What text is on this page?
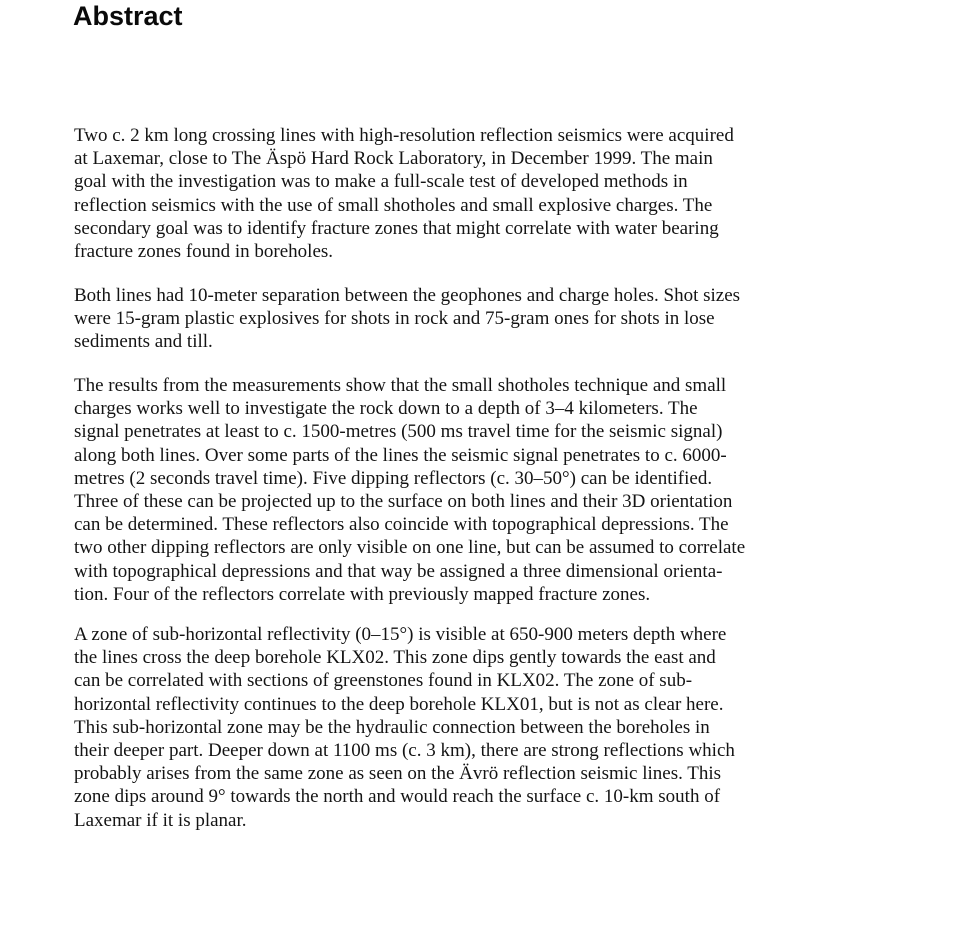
Abstract
Two c. 2 km long crossing lines with high-resolution reflection seismics were acquired
at Laxemar, close to The Äspö Hard Rock Laboratory, in December 1999. The main
goal with the investigation was to make a full-scale test of developed methods in
reflection seismics with the use of small shotholes and small explosive charges. The
secondary goal was to identify fracture zones that might correlate with water bearing
fracture zones found in boreholes.
Both lines had 10-meter separation between the geophones and charge holes. Shot sizes
were 15-gram plastic explosives for shots in rock and 75-gram ones for shots in lose
sediments and till.
The results from the measurements show that the small shotholes technique and small
charges works well to investigate the rock down to a depth of 3–4 kilometers. The
signal penetrates at least to c. 1500-metres (500 ms travel time for the seismic signal)
along both lines. Over some parts of the lines the seismic signal penetrates to c. 6000-
metres (2 seconds travel time). Five dipping reflectors (c. 30–50°) can be identified.
Three of these can be projected up to the surface on both lines and their 3D orientation
can be determined. These reflectors also coincide with topographical depressions. The
two other dipping reflectors are only visible on one line, but can be assumed to correlate
with topographical depressions and that way be assigned a three dimensional orienta-
tion. Four of the reflectors correlate with previously mapped fracture zones.
A zone of sub-horizontal reflectivity (0–15°) is visible at 650-900 meters depth where
the lines cross the deep borehole KLX02. This zone dips gently towards the east and
can be correlated with sections of greenstones found in KLX02. The zone of sub-
horizontal reflectivity continues to the deep borehole KLX01, but is not as clear here.
This sub-horizontal zone may be the hydraulic connection between the boreholes in
their deeper part. Deeper down at 1100 ms (c. 3 km), there are strong reflections which
probably arises from the same zone as seen on the Ävrö reflection seismic lines. This
zone dips around 9° towards the north and would reach the surface c. 10-km south of
Laxemar if it is planar.
